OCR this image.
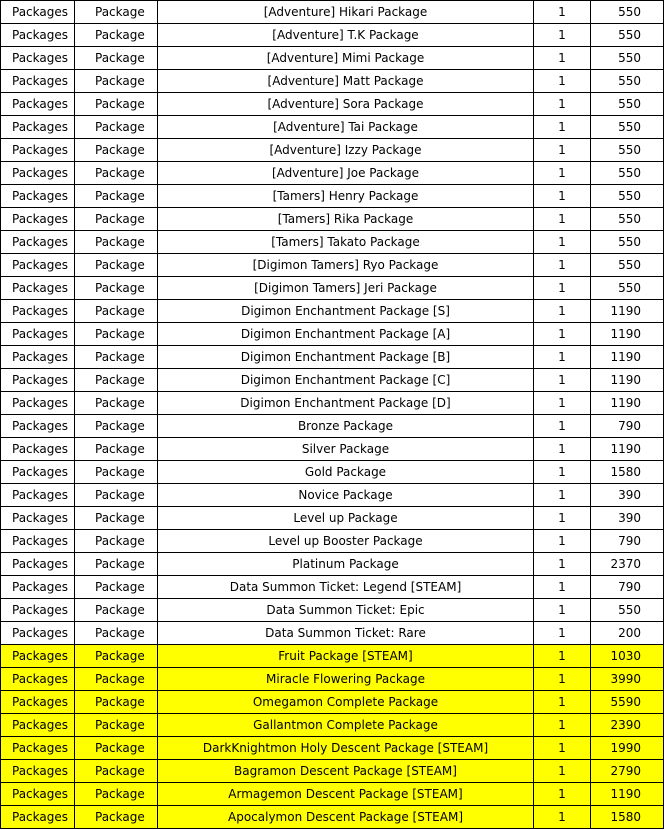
Packages	Package	[Adventure] Hikari Package	1	550
Packages	Package	[Adventure] T.K Package	1	550
Packages	Package	[Adventure] Mimi Package	1	550
Packages	Package	[Adventure] Matt Package	1	550
Packages	Package	[Adventure] Sora Package	1	550
Packages	Package	[Adventure] Tai Package	1	550
Packages	Package	[Adventure] Izzy Package	1	550
Packages	Package	[Adventure] Joe Package	1	550
Packages	Package	[Tamers] Henry Package	1	550
Packages	Package	[Tamers] Rika Package	1	550
Packages	Package	[Tamers] Takato Package	1	550
Packages	Package	[Digimon Tamers] Ryo Package	1	550
Packages	Package	[Digimon Tamers] Jeri Package	1	550
Packages	Package	Digimon Enchantment Package [S]	1	1190
Packages	Package	Digimon Enchantment Package [A]	1	1190
Packages	Package	Digimon Enchantment Package [B]	1	1190
Packages	Package	Digimon Enchantment Package [C]	1	1190
Packages	Package	Digimon Enchantment Package [D]	1	1190
Packages	Package	Bronze Package	1	790
Packages	Package	Silver Package	1	1190
Packages	Package	Gold Package	1	1580
Packages	Package	Novice Package	1	390
Packages	Package	Level up Package	1	390
Packages	Package	Level up Booster Package	1	790
Packages	Package	Platinum Package	1	2370
Packages	Package	Data Summon Ticket: Legend [STEAM]	1	790
Packages	Package	Data Summon Ticket: Epic	1	550
Packages	Package	Data Summon Ticket: Rare	1	200
Packages	Package	Fruit Package [STEAM]	1	1030
Packages	Package	Miracle Flowering Package	1	3990
Packages	Package	Omegamon Complete Package	1	5590
Packages	Package	Gallantmon Complete Package	1	2390
Packages	Package	DarkKnightmon Holy Descent Package [STEAM]	1	1990
Packages	Package	Bagramon Descent Package [STEAM]	1	2790
Packages	Package	Armagemon Descent Package [STEAM]	1	1190
Packages	Package	Apocalymon Descent Package [STEAM]	1	1580
